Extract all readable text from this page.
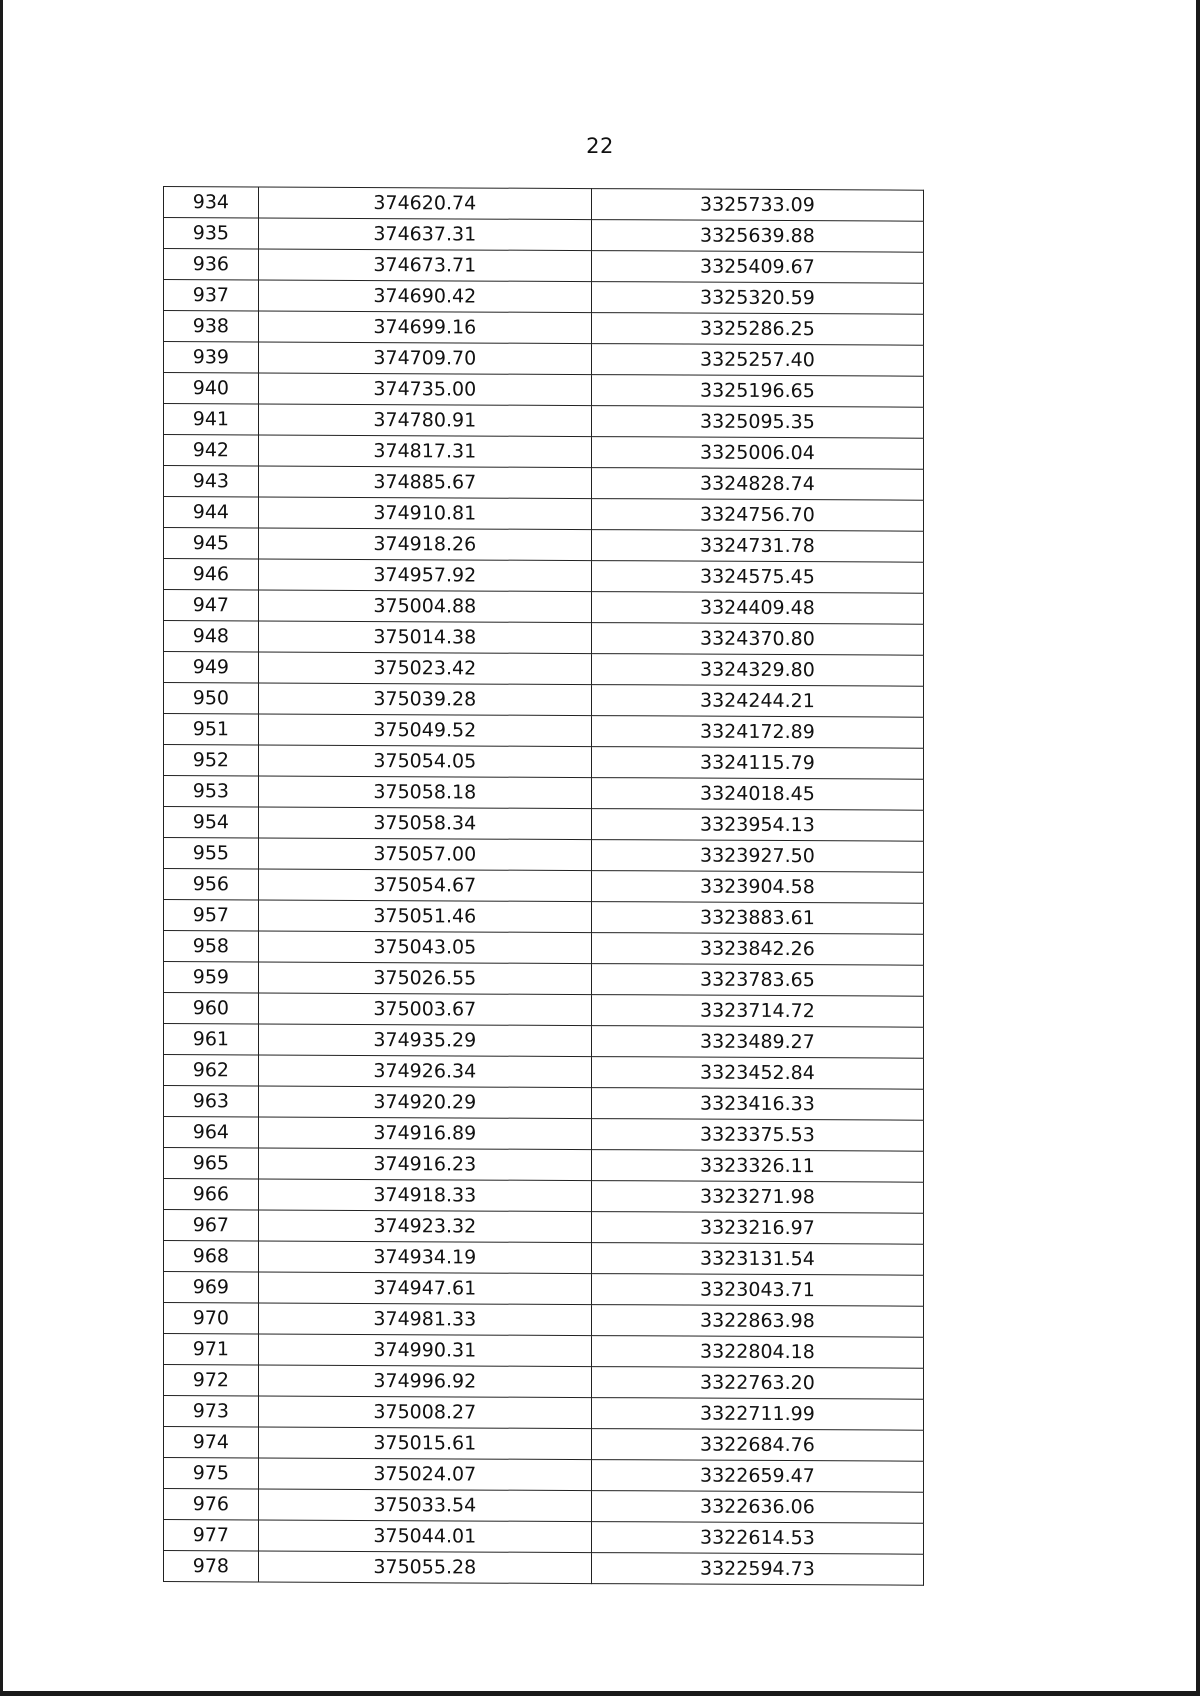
22
934	374620.74	3325733.09
935	374637.31	3325639.88
936	374673.71	3325409.67
937	374690.42	3325320.59
938	374699.16	3325286.25
939	374709.70	3325257.40
940	374735.00	3325196.65
941	374780.91	3325095.35
942	374817.31	3325006.04
943	374885.67	3324828.74
944	374910.81	3324756.70
945	374918.26	3324731.78
946	374957.92	3324575.45
947	375004.88	3324409.48
948	375014.38	3324370.80
949	375023.42	3324329.80
950	375039.28	3324244.21
951	375049.52	3324172.89
952	375054.05	3324115.79
953	375058.18	3324018.45
954	375058.34	3323954.13
955	375057.00	3323927.50
956	375054.67	3323904.58
957	375051.46	3323883.61
958	375043.05	3323842.26
959	375026.55	3323783.65
960	375003.67	3323714.72
961	374935.29	3323489.27
962	374926.34	3323452.84
963	374920.29	3323416.33
964	374916.89	3323375.53
965	374916.23	3323326.11
966	374918.33	3323271.98
967	374923.32	3323216.97
968	374934.19	3323131.54
969	374947.61	3323043.71
970	374981.33	3322863.98
971	374990.31	3322804.18
972	374996.92	3322763.20
973	375008.27	3322711.99
974	375015.61	3322684.76
975	375024.07	3322659.47
976	375033.54	3322636.06
977	375044.01	3322614.53
978	375055.28	3322594.73
